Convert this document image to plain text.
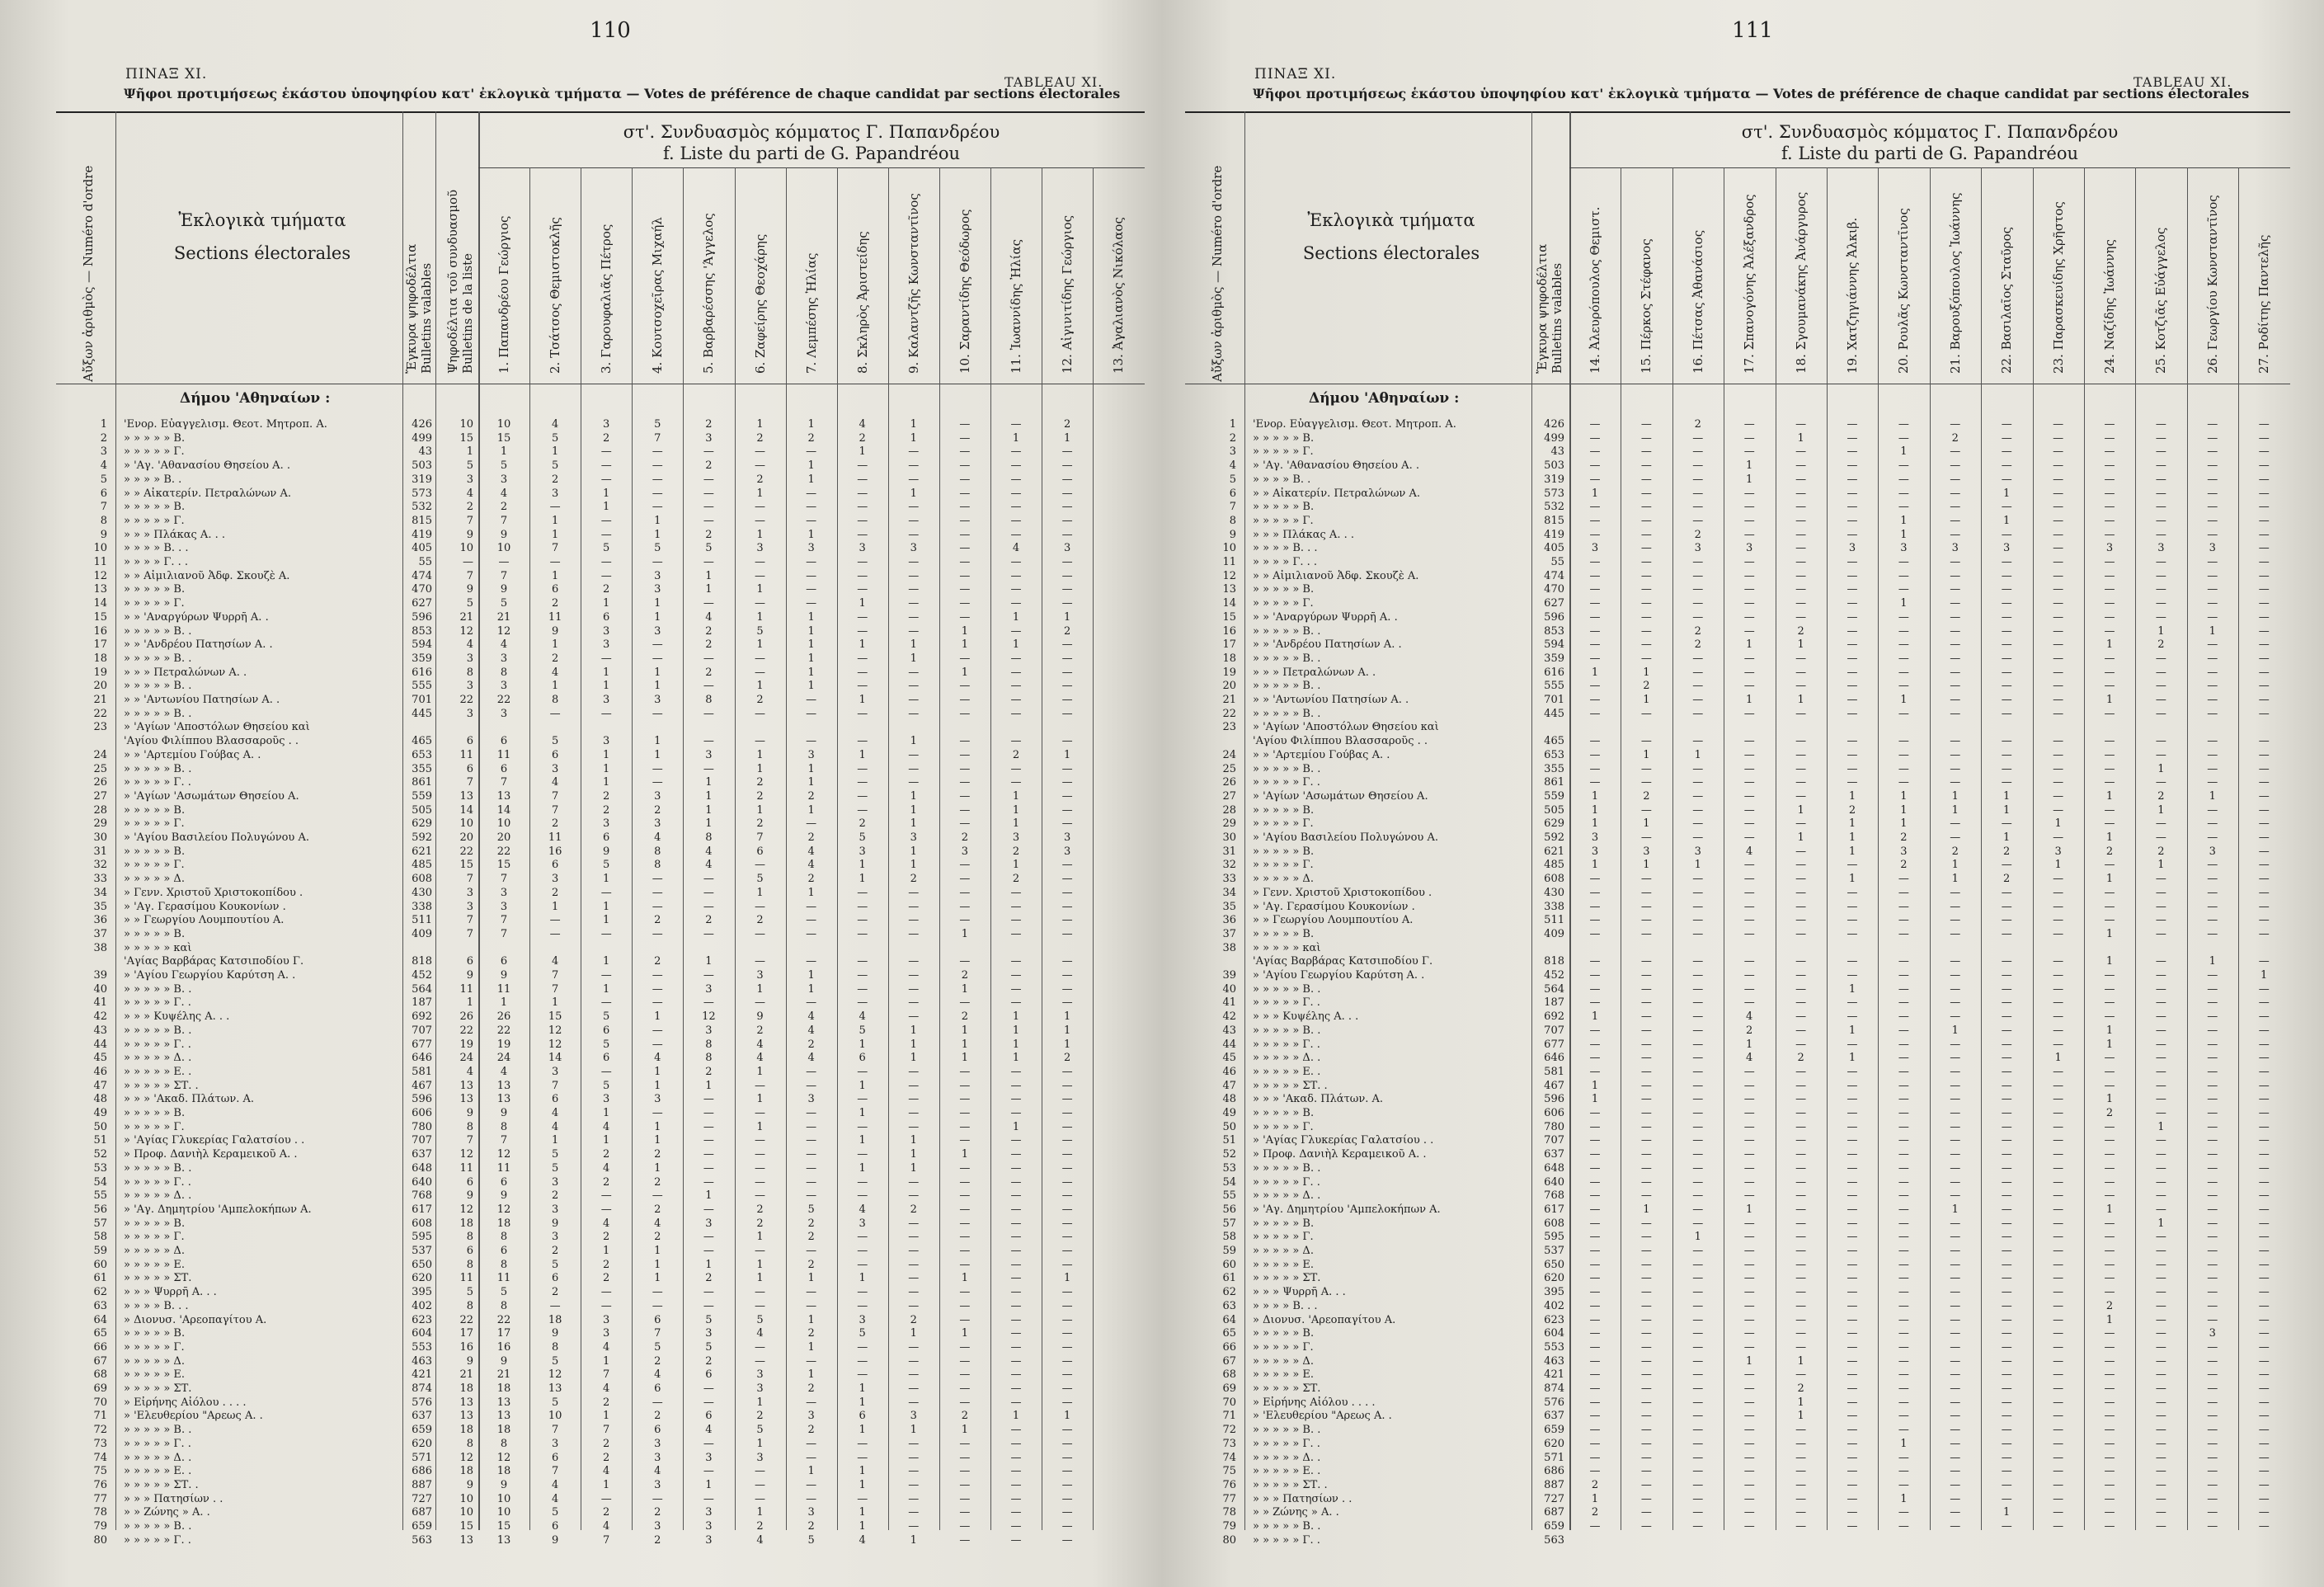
110
ΠΙΝΑΞ XI.	TABLEAU XI.
Ψῆφοι προτιμήσεως ἑκάστου ὑποψηφίου κατ' ἐκλογικὰ τμήματα — Votes de préférence de chaque candidat par sections électorales
Αὔξων ἀριθμὸς — Numéro d'ordre	Ἐκλογικὰ τμήματα
Sections électorales	Ἔγκυρα ψηφοδέλτια Bulletins valables Ψηφοδέλτια τοῦ συνδυασμοῦ Bulletins de la liste
στ'. Συνδυασμὸς κόμματος Γ. Παπανδρέου
f. Liste du parti de G. Papandréou
1. Παπανδρέου Γεώργιος	2. Τσάτσος Θεμιστοκλῆς	3. Γαρουφαλιᾶς Πέτρος	4. Κουτσοχεῖρας Μιχαήλ	5. Βαρβαρέσσης 'Άγγελος	6. Ζαφείρης Θεοχάρης	7. Λεμπέσης Ἠλίας	8. Σκληρὸς Ἀριστείδης	9. Καλαντζῆς Κωνσταντῖνος	10. Σαραντίδης Θεόδωρος	11. Ἰωαννίδης Ἠλίας	12. Αἰγινιτίδης Γεώργιος	13. Ἀγαλιανὸς Νικόλαος
Δήμου 'Αθηναίων :
1 'Ενορ. Εὐαγγελισμ. Θεοτ. Μητροπ. Α.	426	10	10	4	3	5	2	1	1	4	1	—	—	2
2 » » » » » Β.	499	15	15	5	2	7	3	2	2	2	1	—	1	1
3 » » » » » Γ.	43	1	1	1	—	—	—	—	—	1	—	—	—	—
4 » 'Αγ. 'Αθανασίου Θησείου Α. .	503	5	5	5	—	—	2	—	1	—	—	—	—	—
5 » » » » Β. .	319	3	3	2	—	—	—	2	1	—	—	—	—	—
6 » » Αἰκατερίν. Πετραλώνων Α.	573	4	4	3	1	—	—	1	—	—	1	—	—	—
7 » » » » » Β.	532	2	2	—	1	—	—	—	—	—	—	—	—	—
8 » » » » » Γ.	815	7	7	1	—	1	—	—	—	—	—	—	—	—
9 » » » Πλάκας Α. . .	419	9	9	1	—	1	2	1	1	—	—	—	—	—
10 » » » » Β. . .	405	10	10	7	5	5	5	3	3	3	3	—	4	3
11 » » » » Γ. . .	55	—	—	—	—	—	—	—	—	—	—	—	—	—
12 » » Αἰμιλιανοῦ Ἀδφ. Σκουζὲ Α.	474	7	7	1	—	3	1	—	—	—	—	—	—	—
13 » » » » » Β.	470	9	9	6	2	3	1	1	—	—	—	—	—	—
14 » » » » » Γ.	627	5	5	2	1	1	—	—	—	1	—	—	—	—
15 » » 'Αναργύρων Ψυρρῆ Α. .	596	21	21	11	6	1	4	1	1	—	—	—	1	1
16 » » » » » Β. .	853	12	12	9	3	3	2	5	1	—	—	1	—	2
17 » » 'Ανδρέου Πατησίων Α. .	594	4	4	1	3	—	2	1	1	1	1	1	1	—
18 » » » » » Β. .	359	3	3	2	—	—	—	—	1	—	1	—	—	—
19 » » » Πετραλώνων Α. .	616	8	8	4	1	1	2	—	1	—	—	1	—	—
20 » » » » » Β. .	555	3	3	1	1	1	—	1	1	—	—	—	—	—
21 » » 'Αντωνίου Πατησίων Α. .	701	22	22	8	3	3	8	2	—	1	—	—	—	—
22 » » » » » Β. .	445	3	3	—	—	—	—	—	—	—	—	—	—	—
23 » 'Αγίων 'Αποστόλων Θησείου καὶ
'Αγίου Φιλίππου Βλασσαροῦς . .	465	6	6	5	3	1	—	—	—	—	1	—	—	—
24 » » 'Αρτεμίου Γούβας Α. .	653	11	11	6	1	1	3	1	3	1	—	—	2	1
25 » » » » » Β. .	355	6	6	3	1	—	—	1	1	—	—	—	—	—
26 » » » » » Γ. .	861	7	7	4	1	—	1	2	1	—	—	—	—	—
27 » 'Αγίων 'Ασωμάτων Θησείου Α.	559	13	13	7	2	3	1	2	2	—	1	—	1	—
28 » » » » » Β.	505	14	14	7	2	2	1	1	1	—	1	—	1	—
29 » » » » » Γ.	629	10	10	2	3	3	1	2	—	2	1	—	1	—
30 » 'Αγίου Βασιλείου Πολυγώνου Α.	592	20	20	11	6	4	8	7	2	5	3	2	3	3
31 » » » » » Β.	621	22	22	16	9	8	4	6	4	3	1	3	2	3
32 » » » » » Γ.	485	15	15	6	5	8	4	—	4	1	1	—	1	—
33 » » » » » Δ.	608	7	7	3	1	—	—	5	2	1	2	—	2	—
34 » Γενν. Χριστοῦ Χριστοκοπίδου .	430	3	3	2	—	—	—	1	1	—	—	—	—	—
35 » 'Αγ. Γερασίμου Κουκονίων .	338	3	3	1	1	—	—	—	—	—	—	—	—	—
36 » » Γεωργίου Λουμπουτίου Α.	511	7	7	—	1	2	2	2	—	—	—	—	—	—
37 » » » » » Β.	409	7	7	—	—	—	—	—	—	—	—	1	—	—
38 » » » » » καὶ
'Αγίας Βαρβάρας Κατσιποδίου Γ.	818	6	6	4	1	2	1	—	—	—	—	—	—	—
39 » 'Αγίου Γεωργίου Καρύτση Α. .	452	9	9	7	—	—	—	3	1	—	—	2	—	—
40 » » » » » Β. .	564	11	11	7	1	—	3	1	1	—	—	1	—	—
41 » » » » » Γ. .	187	1	1	1	—	—	—	—	—	—	—	—	—	—
42 » » » Κυψέλης Α. . .	692	26	26	15	5	1	12	9	4	4	—	2	1	1
43 » » » » » Β. .	707	22	22	12	6	—	3	2	4	5	1	1	1	1
44 » » » » » Γ. .	677	19	19	12	5	—	8	4	2	1	1	1	1	1
45 » » » » » Δ. .	646	24	24	14	6	4	8	4	4	6	1	1	1	2
46 » » » » » Ε. .	581	4	4	3	—	1	2	1	—	—	—	—	—	—
47 » » » » » ΣΤ. .	467	13	13	7	5	1	1	—	—	1	—	—	—	—
48 » » » 'Ακαδ. Πλάτων. Α.	596	13	13	6	3	3	—	1	3	—	—	—	—	—
49 » » » » » Β.	606	9	9	4	1	—	—	—	—	1	—	—	—	—
50 » » » » » Γ.	780	8	8	4	4	1	—	1	—	—	—	—	1	—
51 » 'Αγίας Γλυκερίας Γαλατσίου . .	707	7	7	1	1	1	—	—	—	1	1	—	—	—
52 » Προφ. Δανιὴλ Κεραμεικοῦ Α. .	637	12	12	5	2	2	—	—	—	—	1	1	—	—
53 » » » » » Β. .	648	11	11	5	4	1	—	—	—	1	1	—	—	—
54 » » » » » Γ. .	640	6	6	3	2	2	—	—	—	—	—	—	—	—
55 » » » » » Δ. .	768	9	9	2	—	—	1	—	—	—	—	—	—	—
56 » 'Αγ. Δημητρίου 'Αμπελοκήπων Α.	617	12	12	3	—	2	—	2	5	4	2	—	—	—
57 » » » » » Β.	608	18	18	9	4	4	3	2	2	3	—	—	—	—
58 » » » » » Γ.	595	8	8	3	2	2	—	1	2	—	—	—	—	—
59 » » » » » Δ.	537	6	6	2	1	1	—	—	—	—	—	—	—	—
60 » » » » » Ε.	650	8	8	5	2	1	1	1	2	—	—	—	—	—
61 » » » » » ΣΤ.	620	11	11	6	2	1	2	1	1	1	—	1	—	1
62 » » » Ψυρρῆ Α. . .	395	5	5	2	—	—	—	—	—	—	—	—	—	—
63 » » » » Β. . .	402	8	8	—	—	—	—	—	—	—	—	—	—	—
64 » Διονυσ. 'Αρεοπαγίτου Α.	623	22	22	18	3	6	5	5	1	3	2	—	—	—
65 » » » » » Β.	604	17	17	9	3	7	3	4	2	5	1	1	—	—
66 » » » » » Γ.	553	16	16	8	4	5	5	—	1	—	—	—	—	—
67 » » » » » Δ.	463	9	9	5	1	2	2	—	—	—	—	—	—	—
68 » » » » » Ε.	421	21	21	12	7	4	6	3	1	—	—	—	—	—
69 » » » » » ΣΤ.	874	18	18	13	4	6	—	3	2	1	—	—	—	—
70 » Εἰρήνης Αἰόλου . . . .	576	13	13	5	2	—	—	1	—	1	—	—	—	—
71 » 'Ελευθερίου "Αρεως Α. .	637	13	13	10	1	2	6	2	3	6	3	2	1	1
72 » » » » » Β. .	659	18	18	7	7	6	4	5	2	1	1	1	—	—
73 » » » » » Γ. .	620	8	8	3	2	3	—	1	—	—	—	—	—	—
74 » » » » » Δ. .	571	12	12	6	2	3	3	3	—	—	—	—	—	—
75 » » » » » Ε. .	686	18	18	7	4	4	—	—	1	1	—	—	—	—
76 » » » » » ΣΤ. .	887	9	9	4	1	3	1	—	—	1	—	—	—	—
77 » » » Πατησίων . .	727	10	10	4	—	—	—	—	—	—	—	—	—	—
78 » » Ζώνης » Α. .	687	10	10	5	2	2	3	1	3	1	—	—	—	—
79 » » » » » Β. .	659	15	15	6	4	3	3	2	2	1	—	—	—	—
80 » » » » » Γ. .	563	13	13	9	7	2	3	4	5	4	1	—	—	—
111
ΠΙΝΑΞ XI.	TABLEAU XI.
Ψῆφοι προτιμήσεως ἑκάστου ὑποψηφίου κατ' ἐκλογικὰ τμήματα — Votes de préférence de chaque candidat par sections électorales
Αὔξων ἀριθμὸς — Numéro d'ordre	Ἐκλογικὰ τμήματα
Sections électorales	Ἔγκυρα ψηφοδέλτια Bulletins valables
στ'. Συνδυασμὸς κόμματος Γ. Παπανδρέου
f. Liste du parti de G. Papandréou
14. Ἀλευρόπουλος Θεμιστ.	15. Πέρκος Στέφανος	16. Πέτσας Ἀθανάσιος	17. Σπανογόνης Ἀλέξανδρος	18. Σγουμανάκης Ἀνάργυρος	19. Χατζηγιάννης Ἀλκιβ.	20. Ρουλᾶς Κωνσταντῖνος	21. Βαρουξόπουλος Ἰωάννης	22. Βασιλαῖος Σταῦρος	23. Παρασκευίδης Χρῆστος	24. Ναζίδης Ἰωάννης	25. Κοτζιᾶς Εὐάγγελος	26. Γεωργίου Κωνσταντῖνος	27. Ροδίτης Παντελῆς
Δήμου 'Αθηναίων :
1 'Ενορ. Εὐαγγελισμ. Θεοτ. Μητροπ. Α.	426	—	—	2	—	—	—	—	—	—	—	—	—	—	—
2 » » » » » Β.	499	—	—	—	—	1	—	—	2	—	—	—	—	—	—
3 » » » » » Γ.	43	—	—	—	—	—	—	1	—	—	—	—	—	—	—
4 » 'Αγ. 'Αθανασίου Θησείου Α. .	503	—	—	—	1	—	—	—	—	—	—	—	—	—	—
5 » » » » Β. .	319	—	—	—	1	—	—	—	—	—	—	—	—	—	—
6 » » Αἰκατερίν. Πετραλώνων Α.	573	1	—	—	—	—	—	—	—	1	—	—	—	—	—
7 » » » » » Β.	532	—	—	—	—	—	—	—	—	—	—	—	—	—	—
8 » » » » » Γ.	815	—	—	—	—	—	—	1	—	1	—	—	—	—	—
9 » » » Πλάκας Α. . .	419	—	—	2	—	—	—	1	—	—	—	—	—	—	—
10 » » » » Β. . .	405	3	—	3	3	—	3	3	3	3	—	3	3	3	—
11 » » » » Γ. . .	55	—	—	—	—	—	—	—	—	—	—	—	—	—	—
12 » » Αἰμιλιανοῦ Ἀδφ. Σκουζὲ Α.	474	—	—	—	—	—	—	—	—	—	—	—	—	—	—
13 » » » » » Β.	470	—	—	—	—	—	—	—	—	—	—	—	—	—	—
14 » » » » » Γ.	627	—	—	—	—	—	—	1	—	—	—	—	—	—	—
15 » » 'Αναργύρων Ψυρρῆ Α. .	596	—	—	—	—	—	—	—	—	—	—	—	—	—	—
16 » » » » » Β. .	853	—	—	2	—	2	—	—	—	—	—	—	1	1	—
17 » » 'Ανδρέου Πατησίων Α. .	594	—	—	2	1	1	—	—	—	—	—	1	2	—	—
18 » » » » » Β. .	359	—	—	—	—	—	—	—	—	—	—	—	—	—	—
19 » » » Πετραλώνων Α. .	616	1	1	—	—	—	—	—	—	—	—	—	—	—	—
20 » » » » » Β. .	555	—	2	—	—	—	—	—	—	—	—	—	—	—	—
21 » » 'Αντωνίου Πατησίων Α. .	701	—	1	—	1	1	—	1	—	—	—	1	—	—	—
22 » » » » » Β. .	445	—	—	—	—	—	—	—	—	—	—	—	—	—	—
23 » 'Αγίων 'Αποστόλων Θησείου καὶ
'Αγίου Φιλίππου Βλασσαροῦς . .	465	—	—	—	—	—	—	—	—	—	—	—	—	—	—
24 » » 'Αρτεμίου Γούβας Α. .	653	—	1	1	—	—	—	—	—	—	—	—	—	—	—
25 » » » » » Β. .	355	—	—	—	—	—	—	—	—	—	—	—	1	—	—
26 » » » » » Γ. .	861	—	—	—	—	—	—	—	—	—	—	—	—	—	—
27 » 'Αγίων 'Ασωμάτων Θησείου Α.	559	1	2	—	—	—	1	1	1	1	—	1	2	1	—
28 » » » » » Β.	505	1	—	—	—	1	2	1	1	1	—	—	1	—	—
29 » » » » » Γ.	629	1	1	—	—	—	1	1	—	—	1	—	—	—	—
30 » 'Αγίου Βασιλείου Πολυγώνου Α.	592	3	—	—	—	1	1	2	—	1	—	1	—	—	—
31 » » » » » Β.	621	3	3	3	4	—	1	3	2	2	3	2	2	3	—
32 » » » » » Γ.	485	1	1	1	—	—	—	2	1	—	1	—	1	—	—
33 » » » » » Δ.	608	—	—	—	—	—	1	—	1	2	—	1	—	—	—
34 » Γενν. Χριστοῦ Χριστοκοπίδου .	430	—	—	—	—	—	—	—	—	—	—	—	—	—	—
35 » 'Αγ. Γερασίμου Κουκονίων .	338	—	—	—	—	—	—	—	—	—	—	—	—	—	—
36 » » Γεωργίου Λουμπουτίου Α.	511	—	—	—	—	—	—	—	—	—	—	—	—	—	—
37 » » » » » Β.	409	—	—	—	—	—	—	—	—	—	—	1	—	—	—
38 » » » » » καὶ
'Αγίας Βαρβάρας Κατσιποδίου Γ.	818	—	—	—	—	—	—	—	—	—	—	1	—	1	—
39 » 'Αγίου Γεωργίου Καρύτση Α. .	452	—	—	—	—	—	—	—	—	—	—	—	—	—	1
40 » » » » » Β. .	564	—	—	—	—	—	1	—	—	—	—	—	—	—	—
41 » » » » » Γ. .	187	—	—	—	—	—	—	—	—	—	—	—	—	—	—
42 » » » Κυψέλης Α. . .	692	1	—	—	4	—	—	—	—	—	—	—	—	—	—
43 » » » » » Β. .	707	—	—	—	2	—	1	—	1	—	—	1	—	—	—
44 » » » » » Γ. .	677	—	—	—	1	—	—	—	—	—	—	1	—	—	—
45 » » » » » Δ. .	646	—	—	—	4	2	1	—	—	—	1	—	—	—	—
46 » » » » » Ε. .	581	—	—	—	—	—	—	—	—	—	—	—	—	—	—
47 » » » » » ΣΤ. .	467	1	—	—	—	—	—	—	—	—	—	—	—	—	—
48 » » » 'Ακαδ. Πλάτων. Α.	596	1	—	—	—	—	—	—	—	—	—	1	—	—	—
49 » » » » » Β.	606	—	—	—	—	—	—	—	—	—	—	2	—	—	—
50 » » » » » Γ.	780	—	—	—	—	—	—	—	—	—	—	—	1	—	—
51 » 'Αγίας Γλυκερίας Γαλατσίου . .	707	—	—	—	—	—	—	—	—	—	—	—	—	—	—
52 » Προφ. Δανιὴλ Κεραμεικοῦ Α. .	637	—	—	—	—	—	—	—	—	—	—	—	—	—	—
53 » » » » » Β. .	648	—	—	—	—	—	—	—	—	—	—	—	—	—	—
54 » » » » » Γ. .	640	—	—	—	—	—	—	—	—	—	—	—	—	—	—
55 » » » » » Δ. .	768	—	—	—	—	—	—	—	—	—	—	—	—	—	—
56 » 'Αγ. Δημητρίου 'Αμπελοκήπων Α.	617	—	1	—	1	—	—	—	1	—	—	1	—	—	—
57 » » » » » Β.	608	—	—	—	—	—	—	—	—	—	—	—	1	—	—
58 » » » » » Γ.	595	—	—	1	—	—	—	—	—	—	—	—	—	—	—
59 » » » » » Δ.	537	—	—	—	—	—	—	—	—	—	—	—	—	—	—
60 » » » » » Ε.	650	—	—	—	—	—	—	—	—	—	—	—	—	—	—
61 » » » » » ΣΤ.	620	—	—	—	—	—	—	—	—	—	—	—	—	—	—
62 » » » Ψυρρῆ Α. . .	395	—	—	—	—	—	—	—	—	—	—	—	—	—	—
63 » » » » Β. . .	402	—	—	—	—	—	—	—	—	—	—	2	—	—	—
64 » Διονυσ. 'Αρεοπαγίτου Α.	623	—	—	—	—	—	—	—	—	—	—	1	—	—	—
65 » » » » » Β.	604	—	—	—	—	—	—	—	—	—	—	—	—	3	—
66 » » » » » Γ.	553	—	—	—	—	—	—	—	—	—	—	—	—	—	—
67 » » » » » Δ.	463	—	—	—	1	1	—	—	—	—	—	—	—	—	—
68 » » » » » Ε.	421	—	—	—	—	—	—	—	—	—	—	—	—	—	—
69 » » » » » ΣΤ.	874	—	—	—	—	2	—	—	—	—	—	—	—	—	—
70 » Εἰρήνης Αἰόλου . . . .	576	—	—	—	—	1	—	—	—	—	—	—	—	—	—
71 » 'Ελευθερίου "Αρεως Α. .	637	—	—	—	—	1	—	—	—	—	—	—	—	—	—
72 » » » » » Β. .	659	—	—	—	—	—	—	—	—	—	—	—	—	—	—
73 » » » » » Γ. .	620	—	—	—	—	—	—	1	—	—	—	—	—	—	—
74 » » » » » Δ. .	571	—	—	—	—	—	—	—	—	—	—	—	—	—	—
75 » » » » » Ε. .	686	—	—	—	—	—	—	—	—	—	—	—	—	—	—
76 » » » » » ΣΤ. .	887	2	—	—	—	—	—	—	—	—	—	—	—	—	—
77 » » » Πατησίων . .	727	1	—	—	—	—	—	1	—	—	—	—	—	—	—
78 » » Ζώνης » Α. .	687	2	—	—	—	—	—	—	—	1	—	—	—	—	—
79 » » » » » Β. .	659	—	—	—	—	—	—	—	—	—	—	—	—	—	—
80 » » » » » Γ. .	563
